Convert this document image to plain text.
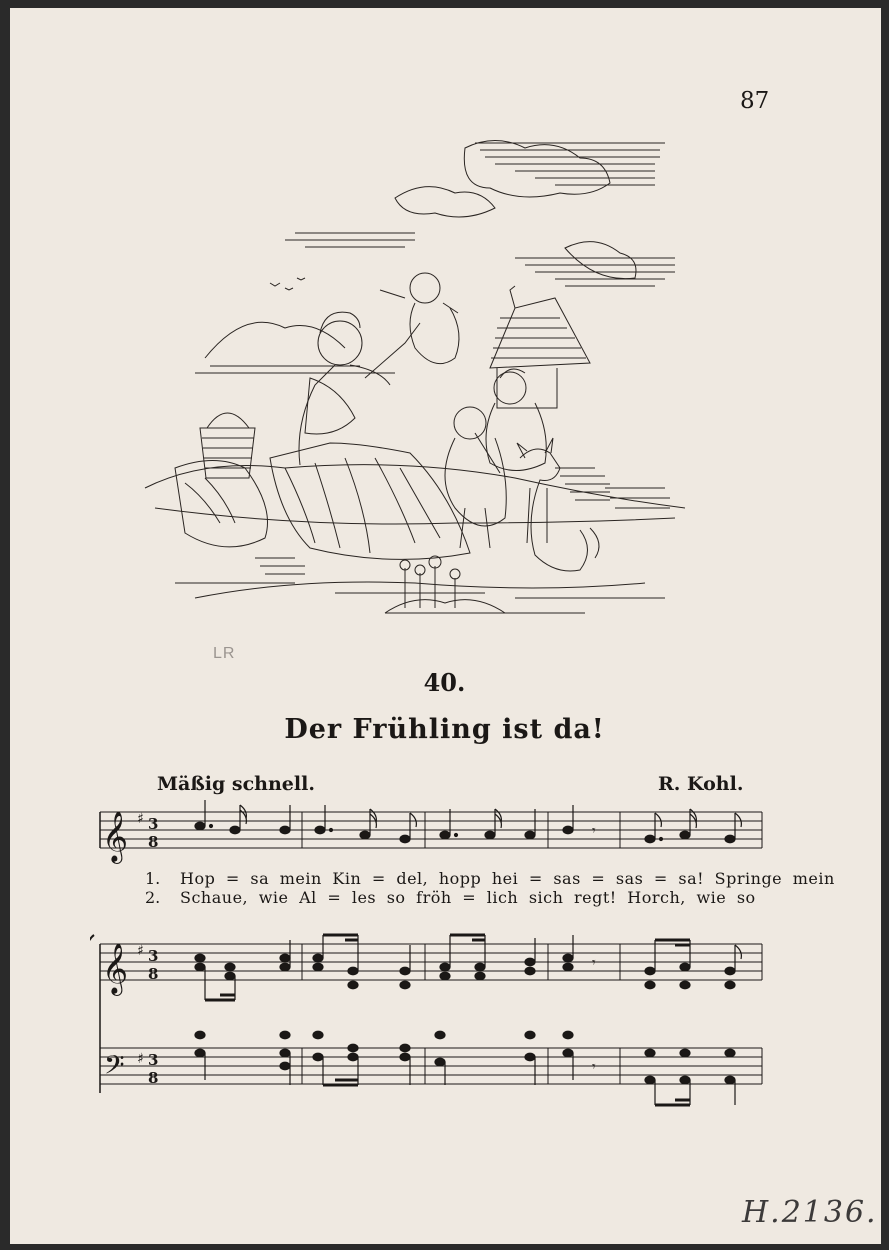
87
LR
40.
Der Frühling ist da!
Mäßig schnell.	R. Kohl.
𝄞 ♯ 3
8
𝄾
𝄞 ♯ 3
8
𝄾
𝄢 ♯ 3
8
𝄾
1. Hop = sa mein Kin = del, hopp hei = sas = sas = sa! Springe mein
2. Schaue, wie Al = les so fröh = lich sich regt! Horch, wie so
H.2136.
